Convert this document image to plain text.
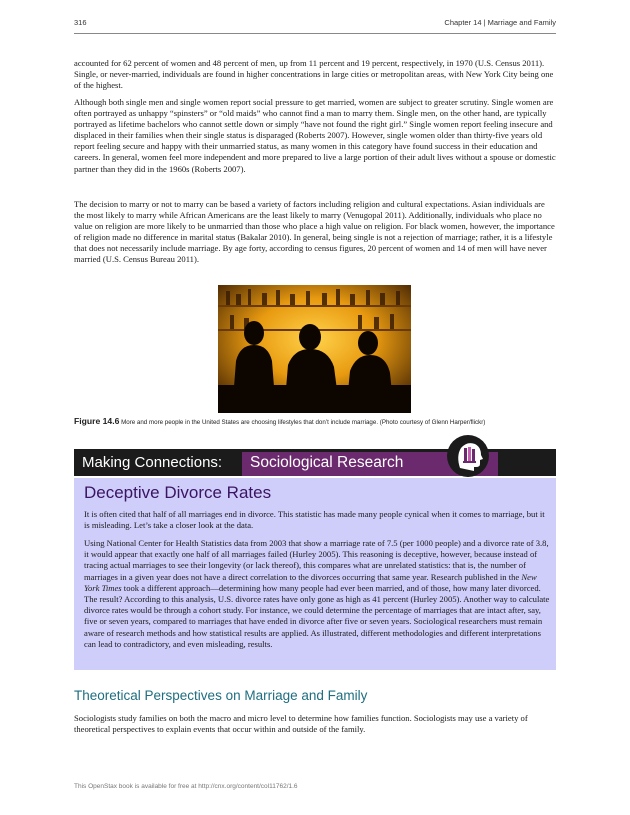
316	Chapter 14 | Marriage and Family

accounted for 62 percent of women and 48 percent of men, up from 11 percent and 19 percent, respectively, in 1970 (U.S. Census 2011). Single, or never-married, individuals are found in higher concentrations in large cities or metropolitan areas, with New York City being one of the highest.

Although both single men and single women report social pressure to get married, women are subject to greater scrutiny. Single women are often portrayed as unhappy “spinsters” or “old maids” who cannot find a man to marry them. Single men, on the other hand, are typically portrayed as lifetime bachelors who cannot settle down or simply “have not found the right girl.” Single women report feeling insecure and displaced in their families when their single status is disparaged (Roberts 2007). However, single women older than thirty-five years old report feeling secure and happy with their unmarried status, as many women in this category have found success in their education and careers. In general, women feel more independent and more prepared to live a large portion of their adult lives without a spouse or domestic partner than they did in the 1960s (Roberts 2007).

The decision to marry or not to marry can be based a variety of factors including religion and cultural expectations. Asian individuals are the most likely to marry while African Americans are the least likely to marry (Venugopal 2011). Additionally, individuals who place no value on religion are more likely to be unmarried than those who place a high value on religion. For black women, however, the importance of religion made no difference in marital status (Bakalar 2010). In general, being single is not a rejection of marriage; rather, it is a lifestyle that does not necessarily include marriage. By age forty, according to census figures, 20 percent of women and 14 of men will have never married (U.S. Census Bureau 2011).

Figure 14.6 More and more people in the United States are choosing lifestyles that don’t include marriage. (Photo courtesy of Glenn Harper/flickr)
Making Connections: Sociological Research
Deceptive Divorce Rates

It is often cited that half of all marriages end in divorce. This statistic has made many people cynical when it comes to marriage, but it is misleading. Let’s take a closer look at the data.

Using National Center for Health Statistics data from 2003 that show a marriage rate of 7.5 (per 1000 people) and a divorce rate of 3.8, it would appear that exactly one half of all marriages failed (Hurley 2005). This reasoning is deceptive, however, because instead of tracing actual marriages to see their longevity (or lack thereof), this compares what are unrelated statistics: that is, the number of marriages in a given year does not have a direct correlation to the divorces occurring that same year. Research published in the New York Times took a different approach—determining how many people had ever been married, and of those, how many later divorced. The result? According to this analysis, U.S. divorce rates have only gone as high as 41 percent (Hurley 2005). Another way to calculate divorce rates would be through a cohort study. For instance, we could determine the percentage of marriages that are intact after, say, five or seven years, compared to marriages that have ended in divorce after five or seven years. Sociological researchers must remain aware of research methods and how statistical results are applied. As illustrated, different methodologies and different interpretations can lead to contradictory, and even misleading, results.

Theoretical Perspectives on Marriage and Family

Sociologists study families on both the macro and micro level to determine how families function. Sociologists may use a variety of theoretical perspectives to explain events that occur within and outside of the family.

This OpenStax book is available for free at http://cnx.org/content/col11762/1.6
